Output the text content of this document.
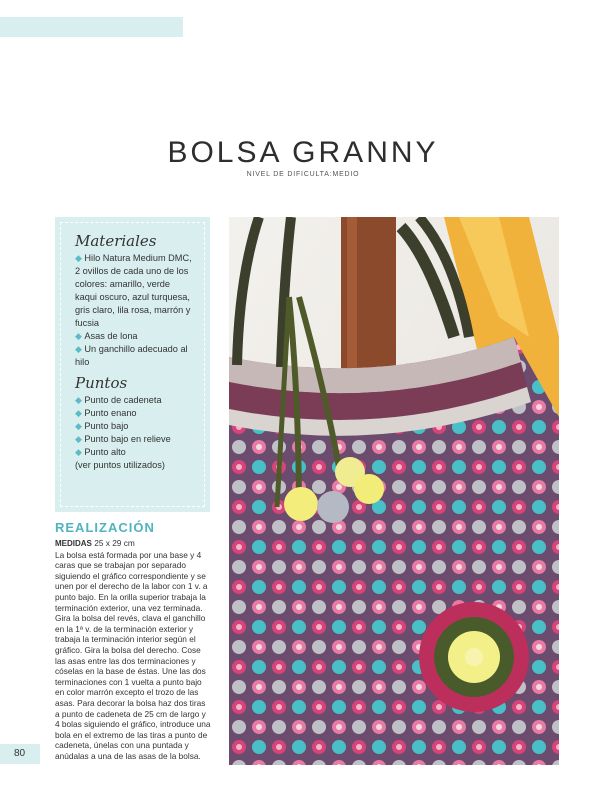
BOLSA GRANNY
NIVEL DE DIFICULTA:MEDIO
Materiales

◆ Hilo Natura Medium DMC, 2 ovillos de cada uno de los colores: amarillo, verde kaqui oscuro, azul turquesa, gris claro, lila rosa, marrón y fucsia

◆ Asas de lona

◆ Un ganchillo adecuado al hilo

Puntos

◆ Punto de cadeneta

◆ Punto enano

◆ Punto bajo

◆ Punto bajo en relieve

◆ Punto alto

(ver puntos utilizados)

REALIZACIÓN
MEDIDAS 25 x 29 cm
La bolsa está formada por una base y 4 caras que se trabajan por separado siguiendo el gráfico correspondiente y se unen por el derecho de la labor con 1 v. a punto bajo. En la orilla superior trabaja la terminación exterior, una vez terminada. Gira la bolsa del revés, clava el ganchillo en la 1ª v. de la terminación exterior y trabaja la terminación interior según el gráfico. Gira la bolsa del derecho. Cose las asas entre las dos terminaciones y cóselas en la base de éstas. Une las dos terminaciones con 1 vuelta a punto bajo en color marrón excepto el trozo de las asas. Para decorar la bolsa haz dos tiras a punto de cadeneta de 25 cm de largo y 4 bolas siguiendo el gráfico, introduce una bola en el extremo de las tiras a punto de cadeneta, únelas con una puntada y anúdalas a una de las asas de la bolsa.
80
